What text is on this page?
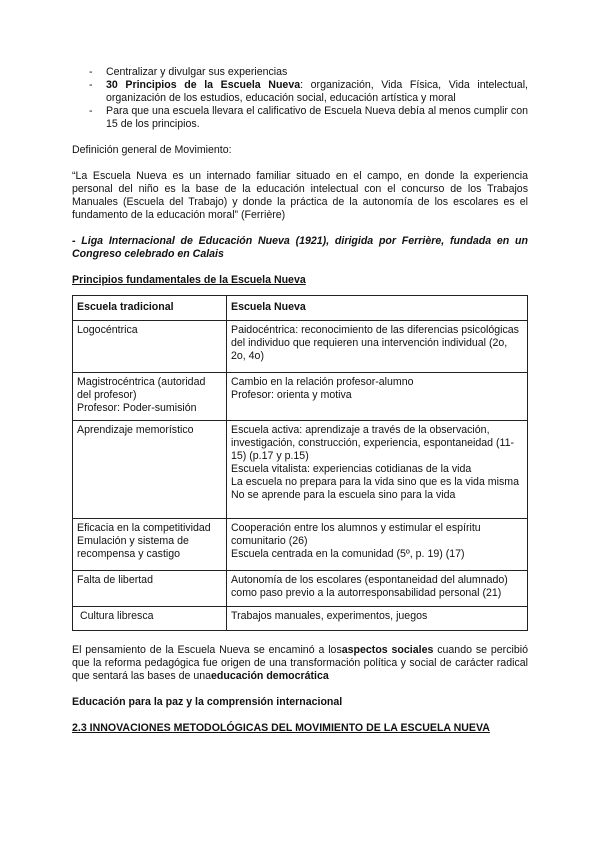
- Centralizar y divulgar sus experiencias
- 30 Principios de la Escuela Nueva: organización, Vida Física, Vida intelectual, organización de los estudios, educación social, educación artística y moral
- Para que una escuela llevara el calificativo de Escuela Nueva debía al menos cumplir con 15 de los principios.

Definición general de Movimiento:

“La Escuela Nueva es un internado familiar situado en el campo, en donde la experiencia personal del niño es la base de la educación intelectual con el concurso de los Trabajos Manuales (Escuela del Trabajo) y donde la práctica de la autonomía de los escolares es el fundamento de la educación moral” (Ferrière)

- Liga Internacional de Educación Nueva (1921), dirigida por Ferrière, fundada en un Congreso celebrado en Calais

Principios fundamentales de la Escuela Nueva

Escuela tradicional	Escuela Nueva

Logocéntrica	Paidocéntrica: reconocimiento de las diferencias psicológicas del individuo que requieren una intervención individual (2o, 2o, 4o)

Magistrocéntrica (autoridad del profesor)
Profesor: Poder-sumisión	Cambio en la relación profesor-alumno
Profesor: orienta y motiva

Aprendizaje memorístico	Escuela activa: aprendizaje a través de la observación, investigación, construcción, experiencia, espontaneidad (11-15) (p.17 y p.15)
Escuela vitalista: experiencias cotidianas de la vida
La escuela no prepara para la vida sino que es la vida misma
No se aprende para la escuela sino para la vida

Eficacia en la competitividad
Emulación y sistema de recompensa y castigo	Cooperación entre los alumnos y estimular el espíritu comunitario (26)
Escuela centrada en la comunidad (5º, p. 19) (17)

Falta de libertad	Autonomía de los escolares (espontaneidad del alumnado) como paso previo a la autorresponsabilidad personal (21)

Cultura libresca	Trabajos manuales, experimentos, juegos

El pensamiento de la Escuela Nueva se encaminó a losaspectos sociales cuando se percibió que la reforma pedagógica fue origen de una transformación política y social de carácter radical que sentará las bases de unaeducación democrática

Educación para la paz y la comprensión internacional

2.3 INNOVACIONES METODOLÓGICAS DEL MOVIMIENTO DE LA ESCUELA NUEVA
